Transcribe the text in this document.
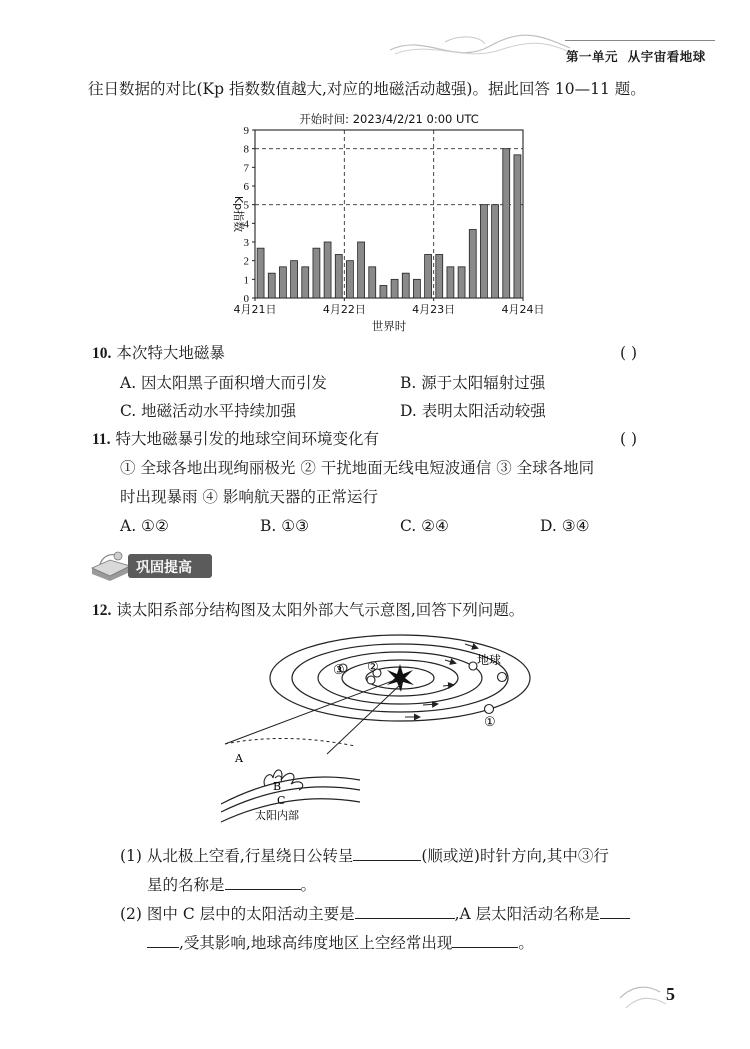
第一单元 从宇宙看地球
往日数据的对比(Kp 指数数值越大,对应的地磁活动越强)。据此回答 10—11 题。
开始时间: 2023/4/2/21 0:00 UTC
0
1
2
3
4
5
6
7
8
9
Kp指数
4月21日	4月22日	4月23日	4月24日
世界时
10. 本次特大地磁暴	( )
A. 因太阳黑子面积增大而引发	B. 源于太阳辐射过强
C. 地磁活动水平持续加强	D. 表明太阳活动较强
11. 特大地磁暴引发的地球空间环境变化有	( )
① 全球各地出现绚丽极光 ② 干扰地面无线电短波通信 ③ 全球各地同
时出现暴雨 ④ 影响航天器的正常运行
A. ①②	B. ①③	C. ②④	D. ③④
巩固提高
12. 读太阳系部分结构图及太阳外部大气示意图,回答下列问题。
③ ②	地球
①
A
B
C
太阳内部
(1) 从北极上空看,行星绕日公转呈	(顺或逆)时针方向,其中③行
星的名称是	。
(2) 图中 C 层中的太阳活动主要是	,A 层太阳活动名称是
,受其影响,地球高纬度地区上空经常出现	。
5
